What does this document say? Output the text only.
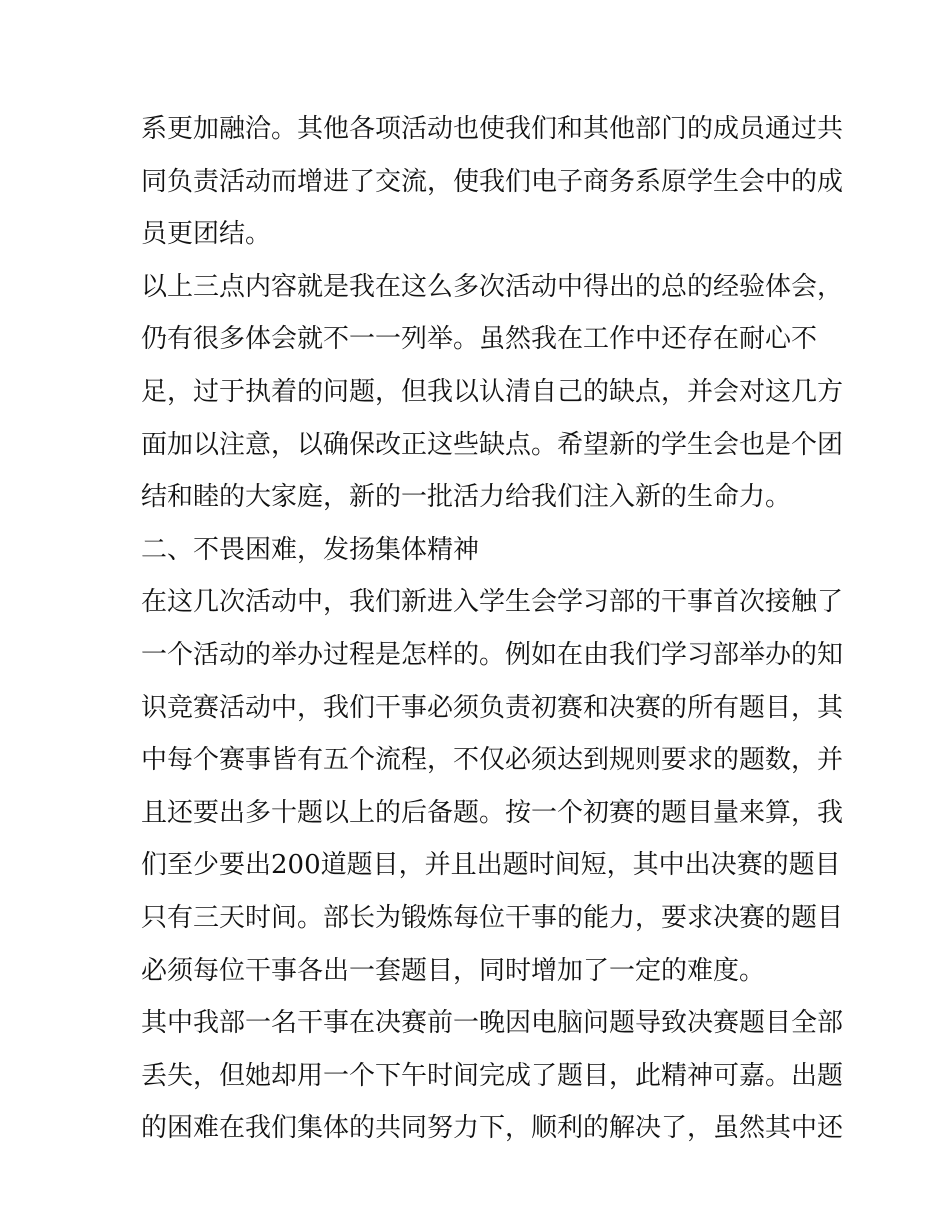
系更加融洽。其他各项活动也使我们和其他部门的成员通过共
同负责活动而增进了交流，使我们电子商务系原学生会中的成
员更团结。
以上三点内容就是我在这么多次活动中得出的总的经验体会，
仍有很多体会就不一一列举。虽然我在工作中还存在耐心不
足，过于执着的问题，但我以认清自己的缺点，并会对这几方
面加以注意，以确保改正这些缺点。希望新的学生会也是个团
结和睦的大家庭，新的一批活力给我们注入新的生命力。
二、不畏困难，发扬集体精神
在这几次活动中，我们新进入学生会学习部的干事首次接触了
一个活动的举办过程是怎样的。例如在由我们学习部举办的知
识竞赛活动中，我们干事必须负责初赛和决赛的所有题目，其
中每个赛事皆有五个流程，不仅必须达到规则要求的题数，并
且还要出多十题以上的后备题。按一个初赛的题目量来算，我
们至少要出200道题目，并且出题时间短，其中出决赛的题目
只有三天时间。部长为锻炼每位干事的能力，要求决赛的题目
必须每位干事各出一套题目，同时增加了一定的难度。
其中我部一名干事在决赛前一晚因电脑问题导致决赛题目全部
丢失，但她却用一个下午时间完成了题目，此精神可嘉。出题
的困难在我们集体的共同努力下，顺利的解决了，虽然其中还
